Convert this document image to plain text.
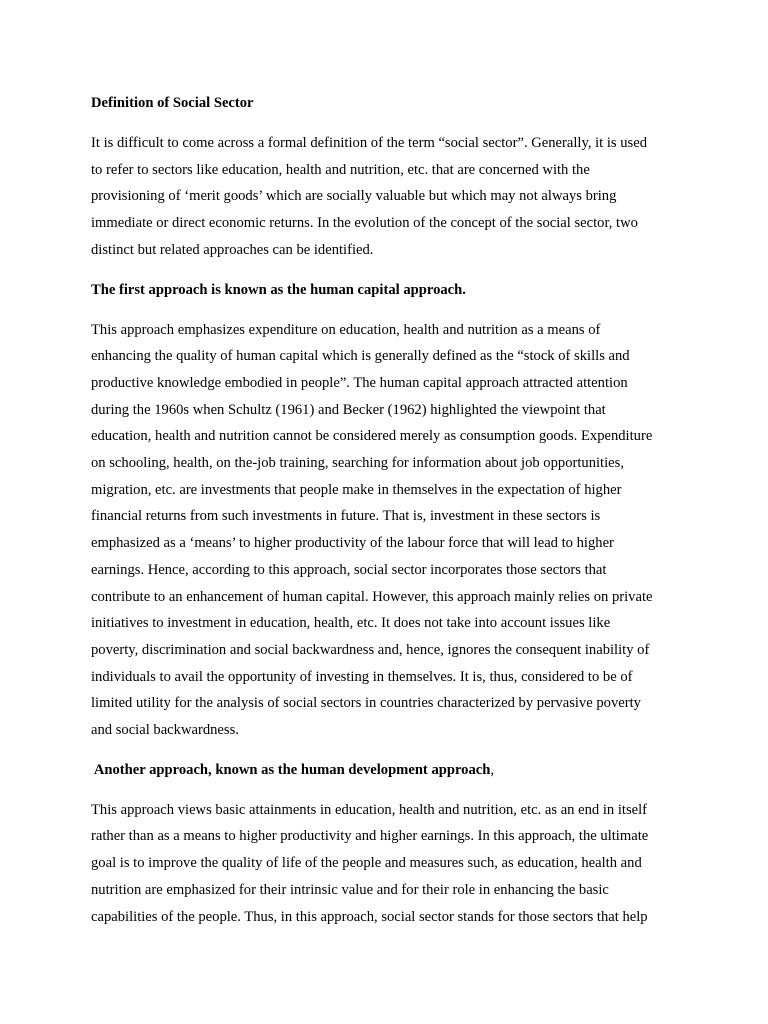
Definition of Social Sector

It is difficult to come across a formal definition of the term “social sector”. Generally, it is used
to refer to sectors like education, health and nutrition, etc. that are concerned with the
provisioning of ‘merit goods’ which are socially valuable but which may not always bring
immediate or direct economic returns. In the evolution of the concept of the social sector, two
distinct but related approaches can be identified.

The first approach is known as the human capital approach.

This approach emphasizes expenditure on education, health and nutrition as a means of
enhancing the quality of human capital which is generally defined as the “stock of skills and
productive knowledge embodied in people”. The human capital approach attracted attention
during the 1960s when Schultz (1961) and Becker (1962) highlighted the viewpoint that
education, health and nutrition cannot be considered merely as consumption goods. Expenditure
on schooling, health, on the-job training, searching for information about job opportunities,
migration, etc. are investments that people make in themselves in the expectation of higher
financial returns from such investments in future. That is, investment in these sectors is
emphasized as a ‘means’ to higher productivity of the labour force that will lead to higher
earnings. Hence, according to this approach, social sector incorporates those sectors that
contribute to an enhancement of human capital. However, this approach mainly relies on private
initiatives to investment in education, health, etc. It does not take into account issues like
poverty, discrimination and social backwardness and, hence, ignores the consequent inability of
individuals to avail the opportunity of investing in themselves. It is, thus, considered to be of
limited utility for the analysis of social sectors in countries characterized by pervasive poverty
and social backwardness.

Another approach, known as the human development approach,

This approach views basic attainments in education, health and nutrition, etc. as an end in itself
rather than as a means to higher productivity and higher earnings. In this approach, the ultimate
goal is to improve the quality of life of the people and measures such, as education, health and
nutrition are emphasized for their intrinsic value and for their role in enhancing the basic
capabilities of the people. Thus, in this approach, social sector stands for those sectors that help
